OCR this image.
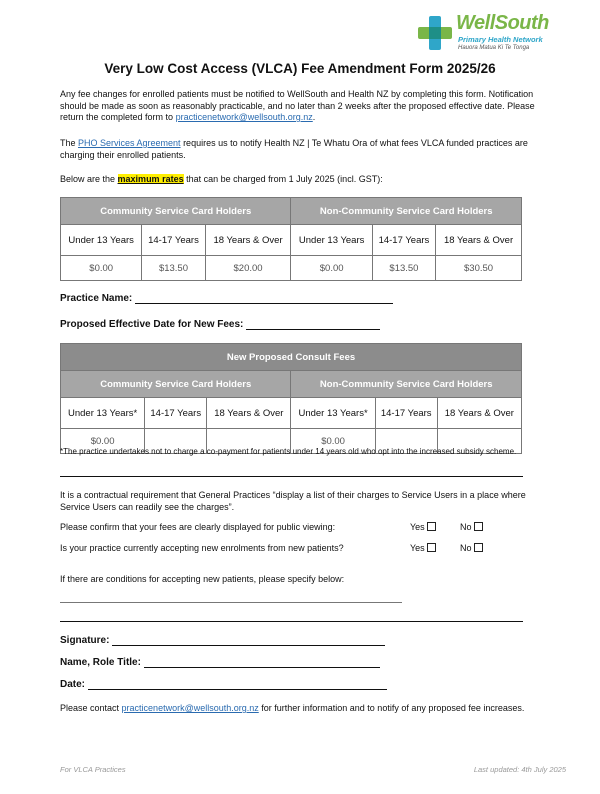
WellSouth
Primary Health Network
Hauora Matua Ki Te Tonga
Very Low Cost Access (VLCA) Fee Amendment Form 2025/26
Any fee changes for enrolled patients must be notified to WellSouth and Health NZ by completing this form. Notification should be made as soon as reasonably practicable, and no later than 2 weeks after the proposed effective date. Please return the completed form to practicenetwork@wellsouth.org.nz.
The PHO Services Agreement requires us to notify Health NZ | Te Whatu Ora of what fees VLCA funded practices are charging their enrolled patients.
Below are the maximum rates that can be charged from 1 July 2025 (incl. GST):
Community Service Card Holders			Non-Community Service Card Holders		
Under 13 Years	14-17 Years	18 Years & Over	Under 13 Years	14-17 Years	18 Years & Over
$0.00	$13.50	$20.00	$0.00	$13.50	$30.50
Practice Name:
Proposed Effective Date for New Fees:
New Proposed Consult Fees					
Community Service Card Holders			Non-Community Service Card Holders		
Under 13 Years*	14-17 Years	18 Years & Over	Under 13 Years*	14-17 Years	18 Years & Over
$0.00			$0.00		
*The practice undertakes not to charge a co-payment for patients under 14 years old who opt into the increased subsidy scheme.
It is a contractual requirement that General Practices “display a list of their charges to Service Users in a place where Service Users can readily see the charges”.
Please confirm that your fees are clearly displayed for public viewing:	Yes	No
Is your practice currently accepting new enrolments from new patients?	Yes	No
If there are conditions for accepting new patients, please specify below:
Signature:
Name, Role Title:
Date:
Please contact practicenetwork@wellsouth.org.nz for further information and to notify of any proposed fee increases.
For VLCA Practices	Last updated: 4th July 2025
